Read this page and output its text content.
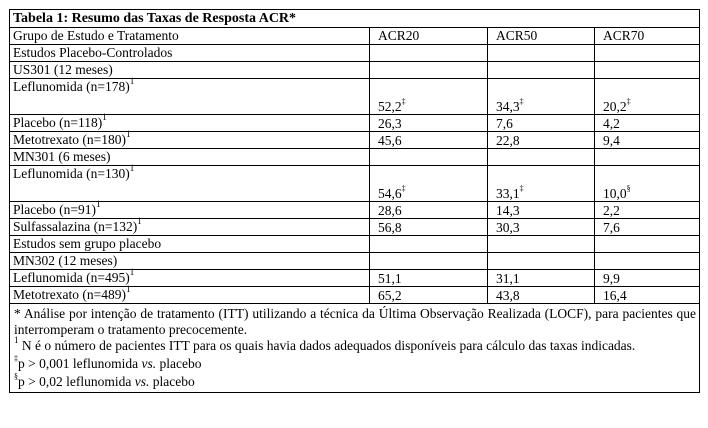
Tabela 1: Resumo das Taxas de Resposta ACR*			
Grupo de Estudo e Tratamento	ACR20	ACR50	ACR70
Estudos Placebo-Controlados			
US301 (12 meses)			
Leflunomida (n=178)$^1$	52,2‡	34,3‡	20,2‡
Placebo (n=118)$^1$	26,3	7,6	4,2
Metotrexato (n=180)$^1$	45,6	22,8	9,4
MN301 (6 meses)			
Leflunomida (n=130)$^1$	54,6‡	33,1‡	10,0§
Placebo (n=91)$^1$	28,6	14,3	2,2
Sulfassalazina (n=132)$^1$	56,8	30,3	7,6
Estudos sem grupo placebo			
MN302 (12 meses)			
Leflunomida (n=495)$^1$	51,1	31,1	9,9
Metotrexato (n=489)$^1$	65,2	43,8	16,4

* Análise por intenção de tratamento (ITT) utilizando a técnica da Última Observação Realizada (LOCF), para pacientes que interromperam o tratamento precocemente.
$^1$ N é o número de pacientes ITT para os quais havia dados adequados disponíveis para cálculo das taxas indicadas.
‡p > 0,001 leflunomida vs. placebo
§p > 0,02 leflunomida vs. placebo			
